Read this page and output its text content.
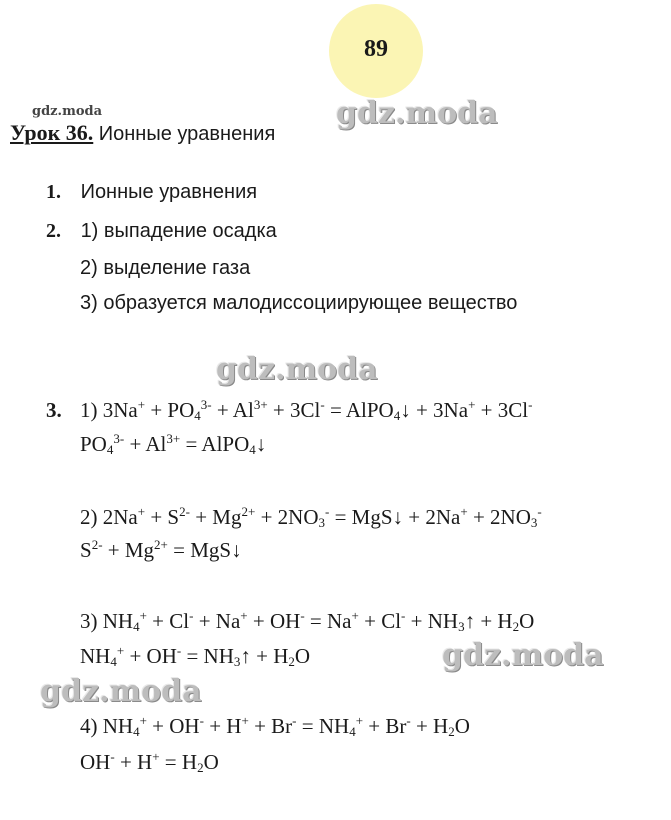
89
gdz.moda	gdz.moda
gdz.moda
gdz.moda
gdz.moda
Урок 36. Ионные уравнения
1. Ионные уравнения
2. 1) выпадение осадка
2) выделение газа
3) образуется малодиссоциирующее вещество
3. 1) $3Na^+ + PO_4^{3-} + Al^{3+} + 3Cl^-$ = AlPO$_4$↓ + 3Na+ + 3Cl-
$PO_4^{3-} + Al^{3+}$ = AlPO$_4$↓
2) $2Na^+ + S^{2-} + Mg^{2+} + 2NO_3^-$ = MgS↓ + $2Na^+ + 2NO_3^-$
$S^{2-} + Mg^{2+}$ = MgS↓
3) $NH_4^+ + Cl^- + Na^+ + OH^- = Na^+ + Cl^-$ + $NH_3↑ + H_2O$
$NH_4^+ + OH^-$ = $NH_3↑ + H_2O$
4) $NH_4^+ + OH^- + H^+ + Br^- = NH_4^+ + Br^- + H_2O$
$OH^- + H^+ = H_2O$
